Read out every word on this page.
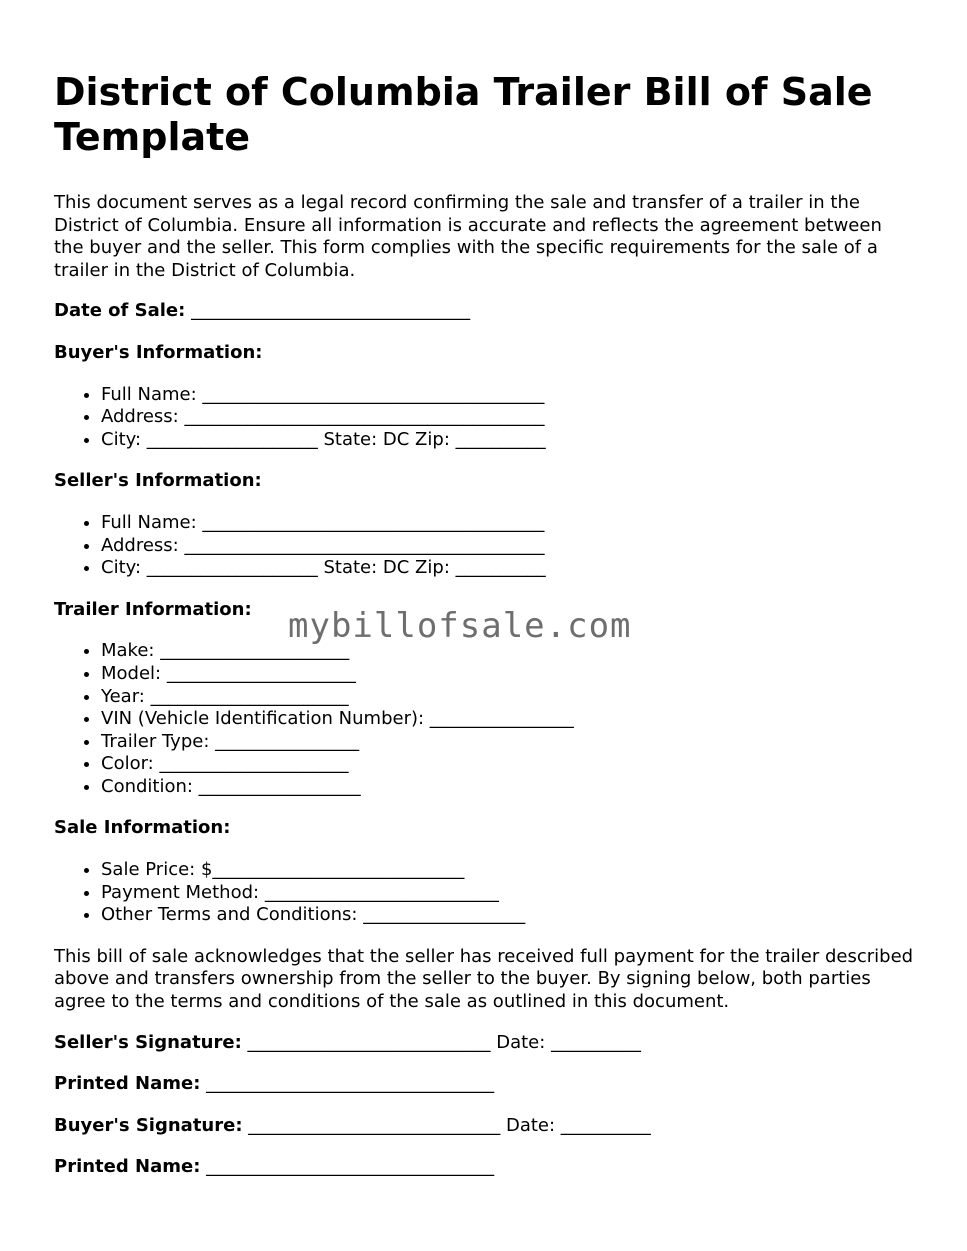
District of Columbia Trailer Bill of Sale Template

This document serves as a legal record confirming the sale and transfer of a trailer in the District of Columbia. Ensure all information is accurate and reflects the agreement between the buyer and the seller. This form complies with the specific requirements for the sale of a trailer in the District of Columbia.

Date of Sale: _______________________________
Buyer's Information:
• Full Name: ______________________________________
• Address: ________________________________________
• City: ___________________ State: DC Zip: __________
Seller's Information:
• Full Name: ______________________________________
• Address: ________________________________________
• City: ___________________ State: DC Zip: __________
Trailer Information:
• Make: _____________________
• Model: _____________________
• Year: ______________________
• VIN (Vehicle Identification Number): ________________
• Trailer Type: ________________
• Color: _____________________
• Condition: __________________
Sale Information:
• Sale Price: $____________________________
• Payment Method: __________________________
• Other Terms and Conditions: __________________

This bill of sale acknowledges that the seller has received full payment for the trailer described above and transfers ownership from the seller to the buyer. By signing below, both parties agree to the terms and conditions of the sale as outlined in this document.

Seller's Signature: ___________________________ Date: __________
Printed Name: ________________________________
Buyer's Signature: ____________________________ Date: __________
Printed Name: ________________________________
mybillofsale.com
